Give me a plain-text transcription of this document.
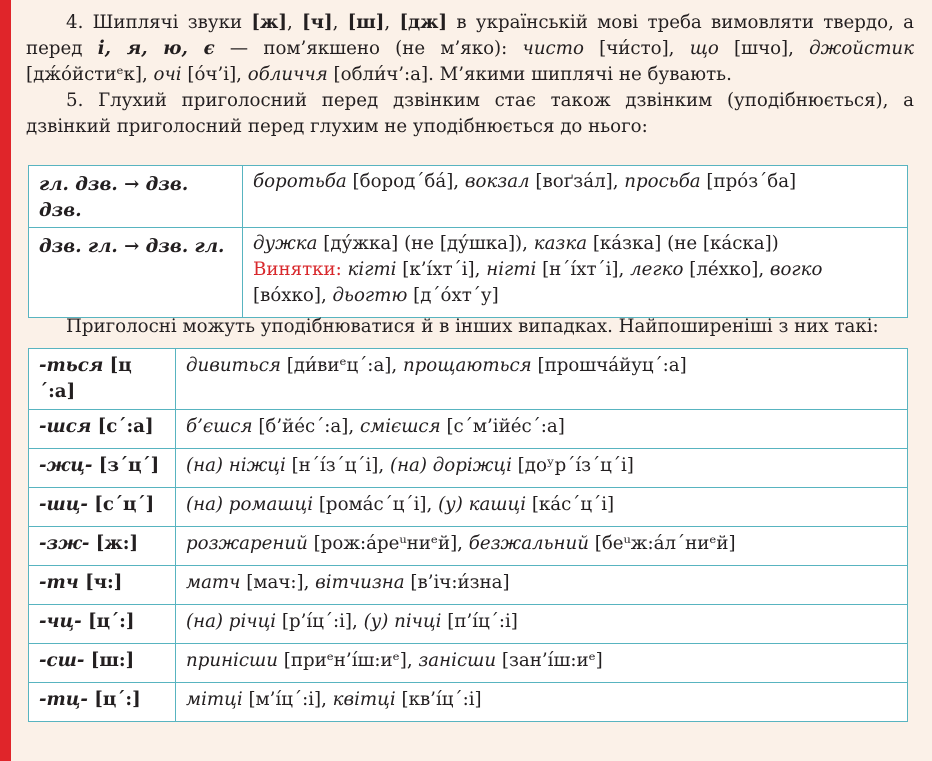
4. Шиплячі звуки [ж], [ч], [ш], [дж] в українській мові треба вимовляти твердо, а перед і, я, ю, є — пом’якшено (не м’яко): чисто [чи́сто], що [шчо], джойстик [дж́о́йстиᵉк], очі [о́ч’і], обличчя [обли́ч’:а]. М’якими шиплячі не бувають.

5. Глухий приголосний перед дзвінким стає також дзвінким (уподібнюється), а дзвінкий приголосний перед глухим не уподібнюється до нього:

гл. дзв. → дзв. дзв.	боротьба [бород´ба́], вокзал [воґза́л], просьба [про́з´ба]
дзв. гл. → дзв. гл.	дужка [ду́жка] (не [ду́шка]), казка [ка́зка] (не [ка́ска])
Винятки: кігті [к’і́хт´і], нігті [н´і́хт´і], легко [ле́хко], вогко [во́хко], дьогтю [д´о́хт´у]
Приголосні можуть уподібнюватися й в інших випадках. Найпоширеніші з них такі:
-ться [ц´:а]	дивиться [ди́виᵉц´:а], прощаються [прошча́йуц´:а]
-шся [с´:а]	б’єшся [б’йе́с´:а], смієшся [с´м’ійе́с´:а]
-жц- [з´ц´]	(на) ніжці [н´і́з´ц´і], (на) доріжці [доʸр´і́з´ц´і]
-шц- [с´ц´]	(на) ромашці [рома́с´ц´і], (у) кашці [ка́с´ц´і]
-зж- [ж:]	розжарений [рож:а́реᵘниᵉй], безжальний [беᵘж:а́л´ниᵉй]
-тч [ч:]	матч [мач:], вітчизна [в’іч:и́зна]
-чц- [ц´:]	(на) річці [р’і́ц´:і], (у) пічці [п’і́ц´:і]
-сш- [ш:]	принісши [приᵉн’і́ш:иᵉ], занісши [зан’і́ш:иᵉ]
-тц- [ц´:]	мітці [м’і́ц´:і], квітці [кв’і́ц´:і]
